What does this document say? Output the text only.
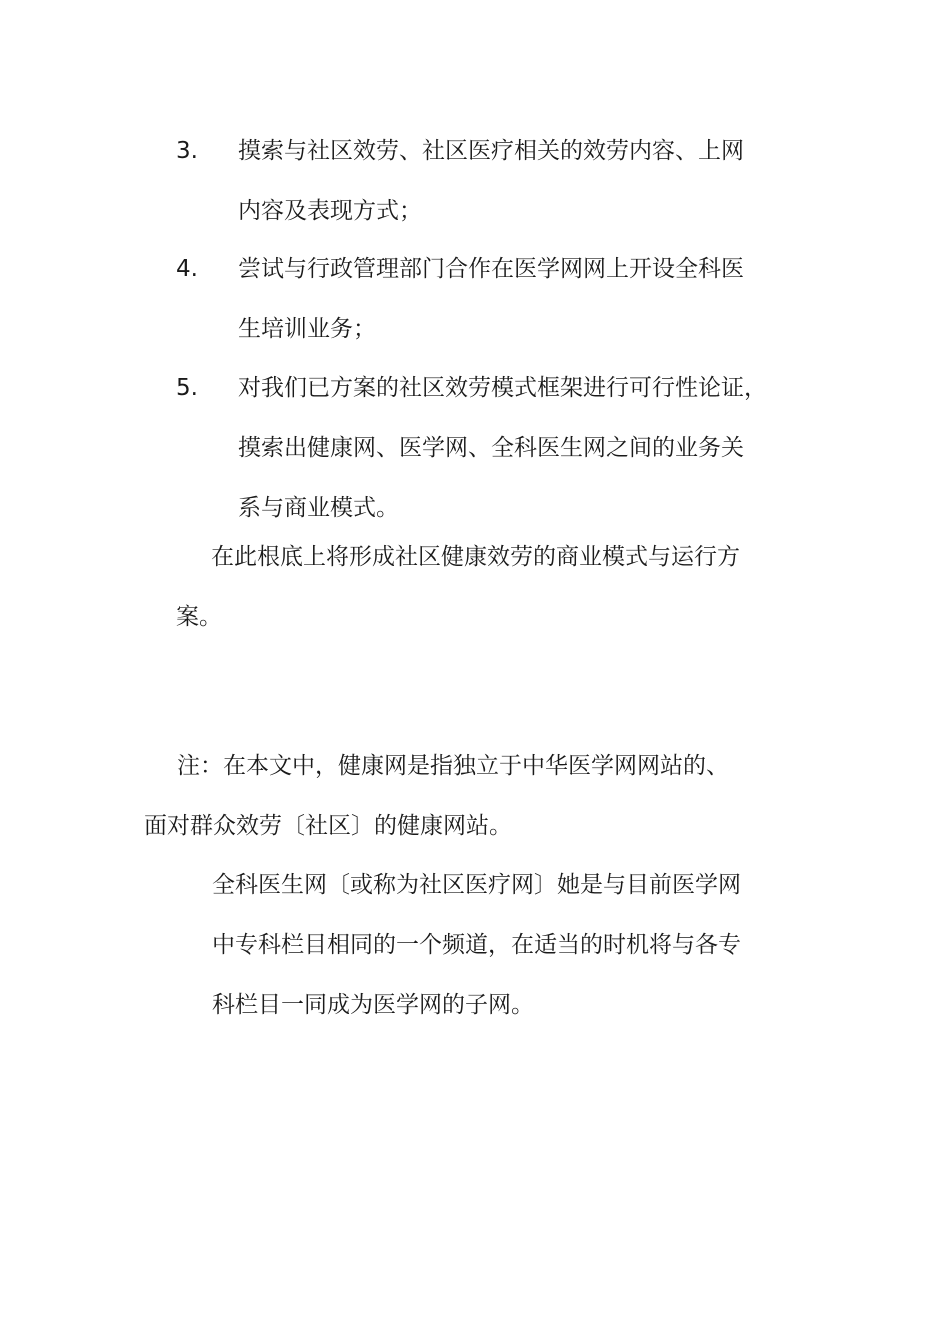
3. 摸索与社区效劳、社区医疗相关的效劳内容、上网
内容及表现方式；
4. 尝试与行政管理部门合作在医学网网上开设全科医
生培训业务；
5. 对我们已方案的社区效劳模式框架进行可行性论证，
摸索出健康网、医学网、全科医生网之间的业务关
系与商业模式。
在此根底上将形成社区健康效劳的商业模式与运行方
案。
注：在本文中，健康网是指独立于中华医学网网站的、
面对群众效劳〔社区〕的健康网站。
全科医生网〔或称为社区医疗网〕她是与目前医学网
中专科栏目相同的一个频道，在适当的时机将与各专
科栏目一同成为医学网的子网。
